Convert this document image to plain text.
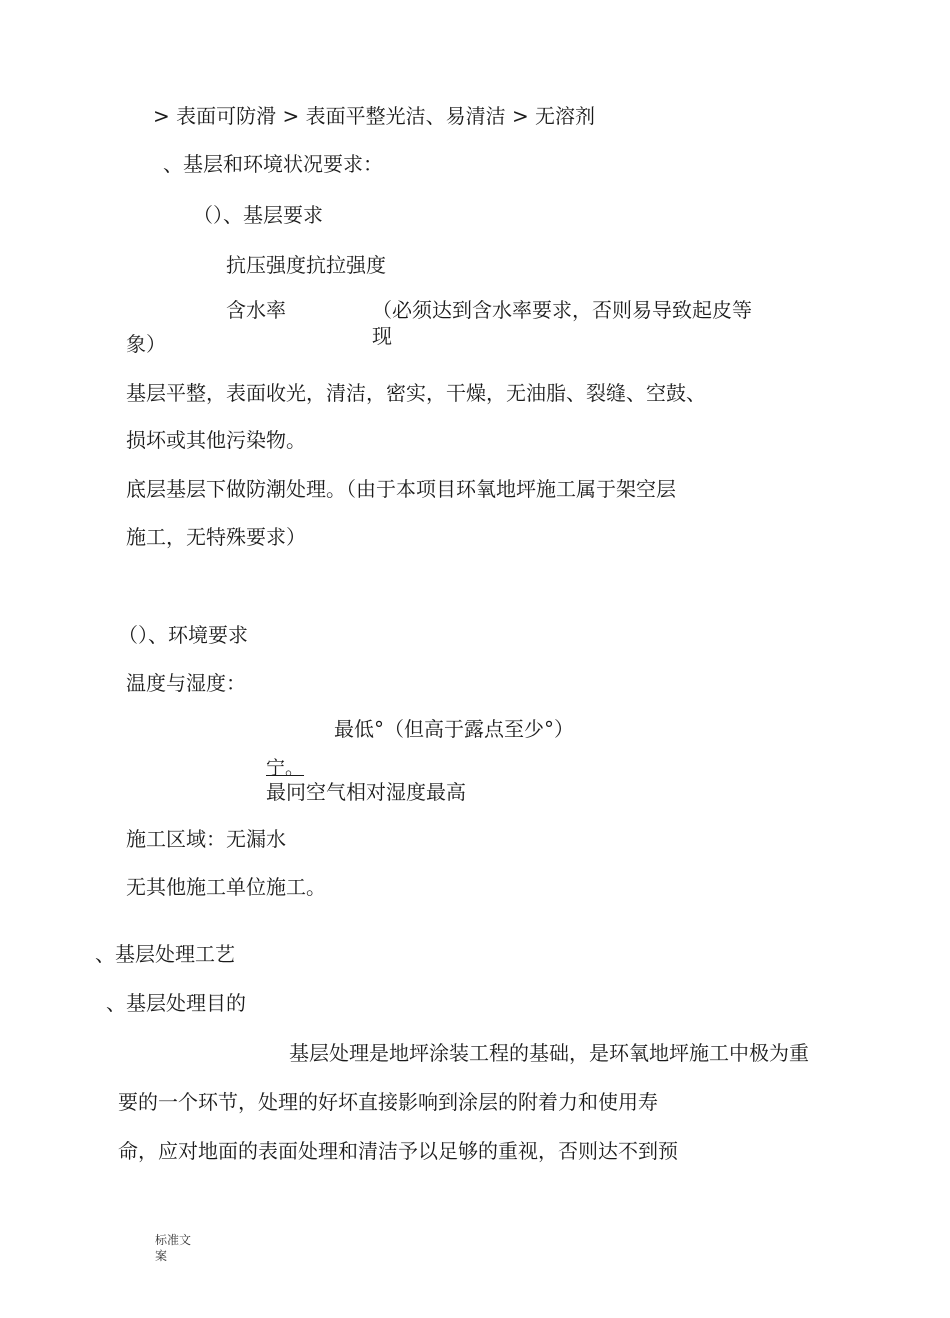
> 表面可防滑 > 表面平整光洁、易清洁 > 无溶剂
、基层和环境状况要求：
（）、基层要求
抗压强度抗拉强度
含水率	（必须达到含水率要求，否则易导致起皮等
现
象）
基层平整，表面收光，清洁，密实，干燥，无油脂、裂缝、空鼓、
损坏或其他污染物。
底层基层下做防潮处理。（由于本项目环氧地坪施工属于架空层
施工，无特殊要求）
（）、环境要求
温度与湿度：
最低°（但高于露点至少°）
宁。
最冋空气相对湿度最高
施工区域：无漏水
无其他施工单位施工。
、基层处理工艺
、基层处理目的
基层处理是地坪涂装工程的基础，是环氧地坪施工中极为重
要的一个环节，处理的好坏直接影响到涂层的附着力和使用寿
命，应对地面的表面处理和清洁予以足够的重视，否则达不到预
标准文
案
